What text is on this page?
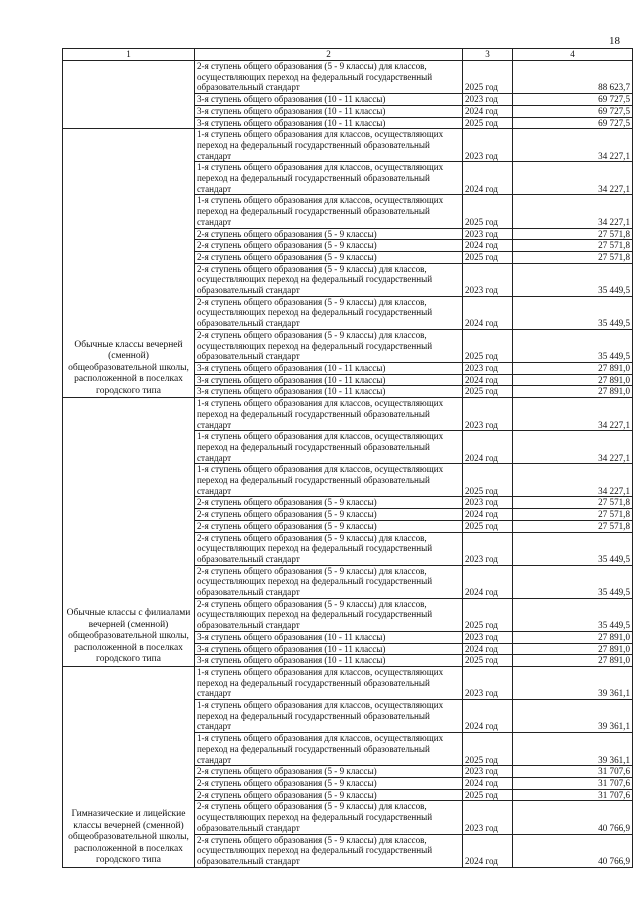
18
1	2	3	4
	2-я ступень общего образования (5 - 9 классы) для классов, осуществляющих переход на федеральный государственный образовательный стандарт	2025 год	88 623,7
	3-я ступень общего образования (10 - 11 классы)	2023 год	69 727,5
	3-я ступень общего образования (10 - 11 классы)	2024 год	69 727,5
	3-я ступень общего образования (10 - 11 классы)	2025 год	69 727,5
Обычные классы вечерней (сменной) общеобразовательной школы, расположенной в поселках городского типа	1-я ступень общего образования для классов, осуществляющих переход на федеральный государственный образовательный стандарт	2023 год	34 227,1
	1-я ступень общего образования для классов, осуществляющих переход на федеральный государственный образовательный стандарт	2024 год	34 227,1
	1-я ступень общего образования для классов, осуществляющих переход на федеральный государственный образовательный стандарт	2025 год	34 227,1
	2-я ступень общего образования (5 - 9 классы)	2023 год	27 571,8
	2-я ступень общего образования (5 - 9 классы)	2024 год	27 571,8
	2-я ступень общего образования (5 - 9 классы)	2025 год	27 571,8
	2-я ступень общего образования (5 - 9 классы) для классов, осуществляющих переход на федеральный государственный образовательный стандарт	2023 год	35 449,5
	2-я ступень общего образования (5 - 9 классы) для классов, осуществляющих переход на федеральный государственный образовательный стандарт	2024 год	35 449,5
	2-я ступень общего образования (5 - 9 классы) для классов, осуществляющих переход на федеральный государственный образовательный стандарт	2025 год	35 449,5
	3-я ступень общего образования (10 - 11 классы)	2023 год	27 891,0
	3-я ступень общего образования (10 - 11 классы)	2024 год	27 891,0
	3-я ступень общего образования (10 - 11 классы)	2025 год	27 891,0
Обычные классы с филиалами вечерней (сменной) общеобразовательной школы, расположенной в поселках городского типа	1-я ступень общего образования для классов, осуществляющих переход на федеральный государственный образовательный стандарт	2023 год	34 227,1
	1-я ступень общего образования для классов, осуществляющих переход на федеральный государственный образовательный стандарт	2024 год	34 227,1
	1-я ступень общего образования для классов, осуществляющих переход на федеральный государственный образовательный стандарт	2025 год	34 227,1
	2-я ступень общего образования (5 - 9 классы)	2023 год	27 571,8
	2-я ступень общего образования (5 - 9 классы)	2024 год	27 571,8
	2-я ступень общего образования (5 - 9 классы)	2025 год	27 571,8
	2-я ступень общего образования (5 - 9 классы) для классов, осуществляющих переход на федеральный государственный образовательный стандарт	2023 год	35 449,5
	2-я ступень общего образования (5 - 9 классы) для классов, осуществляющих переход на федеральный государственный образовательный стандарт	2024 год	35 449,5
	2-я ступень общего образования (5 - 9 классы) для классов, осуществляющих переход на федеральный государственный образовательный стандарт	2025 год	35 449,5
	3-я ступень общего образования (10 - 11 классы)	2023 год	27 891,0
	3-я ступень общего образования (10 - 11 классы)	2024 год	27 891,0
	3-я ступень общего образования (10 - 11 классы)	2025 год	27 891,0
Гимназические и лицейские классы вечерней (сменной) общеобразовательной школы, расположенной в поселках городского типа	1-я ступень общего образования для классов, осуществляющих переход на федеральный государственный образовательный стандарт	2023 год	39 361,1
	1-я ступень общего образования для классов, осуществляющих переход на федеральный государственный образовательный стандарт	2024 год	39 361,1
	1-я ступень общего образования для классов, осуществляющих переход на федеральный государственный образовательный стандарт	2025 год	39 361,1
	2-я ступень общего образования (5 - 9 классы)	2023 год	31 707,6
	2-я ступень общего образования (5 - 9 классы)	2024 год	31 707,6
	2-я ступень общего образования (5 - 9 классы)	2025 год	31 707,6
	2-я ступень общего образования (5 - 9 классы) для классов, осуществляющих переход на федеральный государственный образовательный стандарт	2023 год	40 766,9
	2-я ступень общего образования (5 - 9 классы) для классов, осуществляющих переход на федеральный государственный образовательный стандарт	2024 год	40 766,9
